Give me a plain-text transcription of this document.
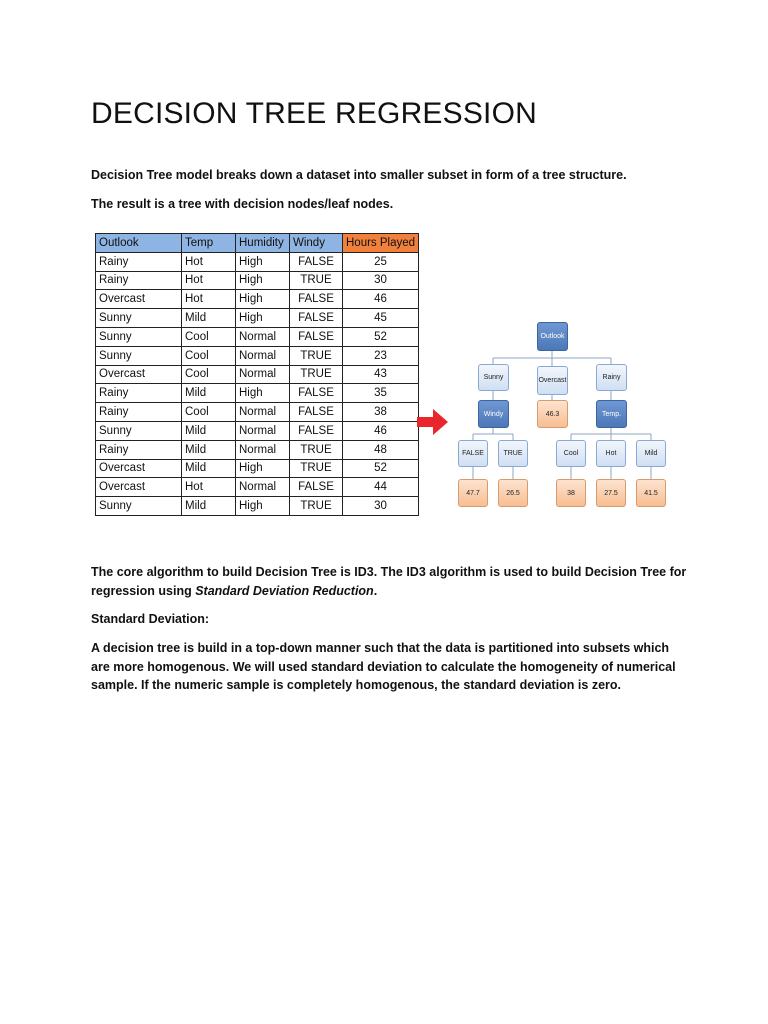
DECISION TREE REGRESSION

Decision Tree model breaks down a dataset into smaller subset in form of a tree structure.

The result is a tree with decision nodes/leaf nodes.

Outlook	Temp	Humidity	Windy	Hours Played
Rainy	Hot	High	FALSE	25
Rainy	Hot	High	TRUE	30
Overcast	Hot	High	FALSE	46
Sunny	Mild	High	FALSE	45
Sunny	Cool	Normal	FALSE	52
Sunny	Cool	Normal	TRUE	23
Overcast	Cool	Normal	TRUE	43
Rainy	Mild	High	FALSE	35
Rainy	Cool	Normal	FALSE	38
Sunny	Mild	Normal	FALSE	46
Rainy	Mild	Normal	TRUE	48
Overcast	Mild	High	TRUE	52
Overcast	Hot	Normal	FALSE	44
Sunny	Mild	High	TRUE	30
Outlook
Sunny	Overcast	Rainy
Windy	46.3	Temp.
FALSE	TRUE	Cool	Hot	Mild
47.7	26.5	38	27.5	41.5

The core algorithm to build Decision Tree is ID3. The ID3 algorithm is used to build Decision Tree for regression using Standard Deviation Reduction.

Standard Deviation:

A decision tree is build in a top-down manner such that the data is partitioned into subsets which are more homogenous. We will used standard deviation to calculate the homogeneity of numerical sample. If the numeric sample is completely homogenous, the standard deviation is zero.
